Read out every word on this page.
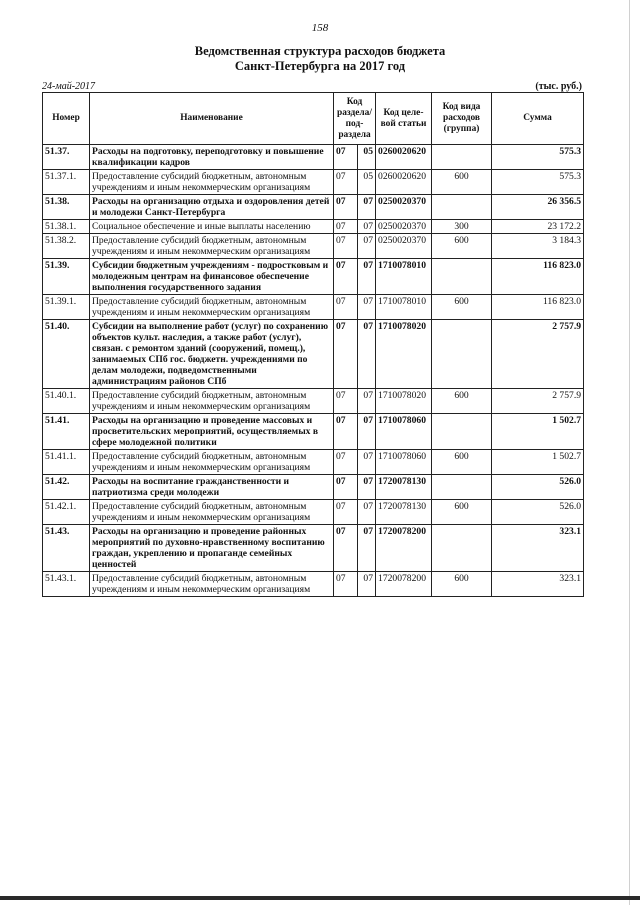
158
Ведомственная структура расходов бюджета
Санкт-Петербурга на 2017 год
24-май-2017	(тыс. руб.)
Номер	Наименование	Код раздела/ под-раздела		Код целе-вой статьи	Код вида расходов (группа)	Сумма
51.37.	Расходы на подготовку, переподготовку и повышение квалификации кадров	07	05	0260020620		575.3
51.37.1.	Предоставление субсидий бюджетным, автономным учреждениям и иным некоммерческим организациям	07	05	0260020620	600	575.3
51.38.	Расходы на организацию отдыха и оздоровления детей и молодежи Санкт-Петербурга	07	07	0250020370		26 356.5
51.38.1.	Социальное обеспечение и иные выплаты населению	07	07	0250020370	300	23 172.2
51.38.2.	Предоставление субсидий бюджетным, автономным учреждениям и иным некоммерческим организациям	07	07	0250020370	600	3 184.3
51.39.	Субсидии бюджетным учреждениям - подростковым и молодежным центрам на финансовое обеспечение выполнения государственного задания	07	07	1710078010		116 823.0
51.39.1.	Предоставление субсидий бюджетным, автономным учреждениям и иным некоммерческим организациям	07	07	1710078010	600	116 823.0
51.40.	Субсидии на выполнение работ (услуг) по сохранению объектов культ. наследия, а также работ (услуг), связан. с ремонтом зданий (сооружений, помещ.), занимаемых СПб гос. бюджетн. учреждениями по делам молодежи, подведомственными администрациям районов СПб	07	07	1710078020		2 757.9
51.40.1.	Предоставление субсидий бюджетным, автономным учреждениям и иным некоммерческим организациям	07	07	1710078020	600	2 757.9
51.41.	Расходы на организацию и проведение массовых и просветительских мероприятий, осуществляемых в сфере молодежной политики	07	07	1710078060		1 502.7
51.41.1.	Предоставление субсидий бюджетным, автономным учреждениям и иным некоммерческим организациям	07	07	1710078060	600	1 502.7
51.42.	Расходы на воспитание гражданственности и патриотизма среди молодежи	07	07	1720078130		526.0
51.42.1.	Предоставление субсидий бюджетным, автономным учреждениям и иным некоммерческим организациям	07	07	1720078130	600	526.0
51.43.	Расходы на организацию и проведение районных мероприятий по духовно-нравственному воспитанию граждан, укреплению и пропаганде семейных ценностей	07	07	1720078200		323.1
51.43.1.	Предоставление субсидий бюджетным, автономным учреждениям и иным некоммерческим организациям	07	07	1720078200	600	323.1
